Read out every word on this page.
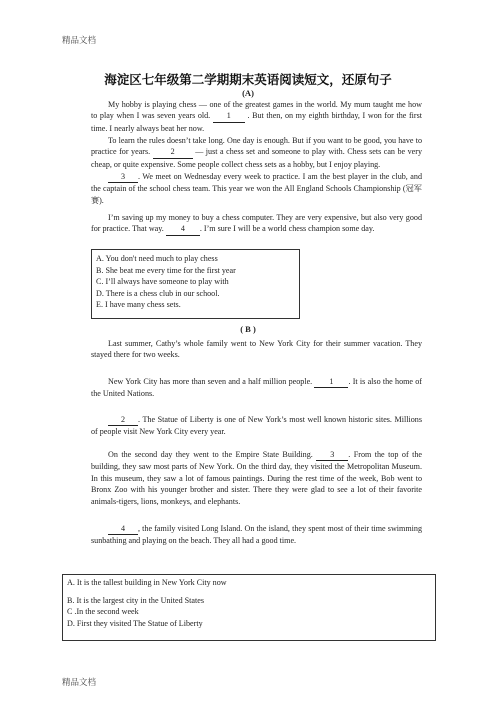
精品文档
海淀区七年级第二学期期末英语阅读短文，还原句子
(A)
My hobby is playing chess — one of the greatest games in the world. My mum taught me how to play when I was seven years old. 1 . But then, on my eighth birthday, I won for the first time. I nearly always beat her now.
To learn the rules doesn’t take long. One day is enough. But if you want to be good, you have to practice for years.	2	— just a chess set and someone to play with. Chess sets can be very cheap, or quite expensive. Some people collect chess sets as a hobby, but I enjoy playing.
3 . We meet on Wednesday every week to practice. I am the best player in the club, and the captain of the school chess team. This year we won the All England Schools Championship (冠军赛).
I’m saving up my money to buy a chess computer. They are very expensive, but also very good for practice. That way. 4 . I’m sure I will be a world chess champion some day.
A. You don't need much to play chess
B. She beat me every time for the first year
C. I’ll always have someone to play with
D. There is a chess club in our school.
E. I have many chess sets.
( B )
Last summer, Cathy’s whole family went to New York City for their summer vacation. They stayed there for two weeks.
New York City has more than seven and a half million people. 1 . It is also the home of the United Nations.
2 . The Statue of Liberty is one of New York’s most well known historic sites. Millions of people visit New York City every year.
On the second day they went to the Empire State Building. 3 . From the top of the building, they saw most parts of New York. On the third day, they visited the Metropolitan Museum. In this museum, they saw a lot of famous paintings. During the rest time of the week, Bob went to Bronx Zoo with his younger brother and sister. There they were glad to see a lot of their favorite animals-tigers, lions, monkeys, and elephants.
4 , the family visited Long Island. On the island, they spent most of their time swimming sunbathing and playing on the beach. They all had a good time.
A. It is the tallest building in New York City now
B. It is the largest city in the United States
C .In the second week
D. First they visited The Statue of Liberty
精品文档
